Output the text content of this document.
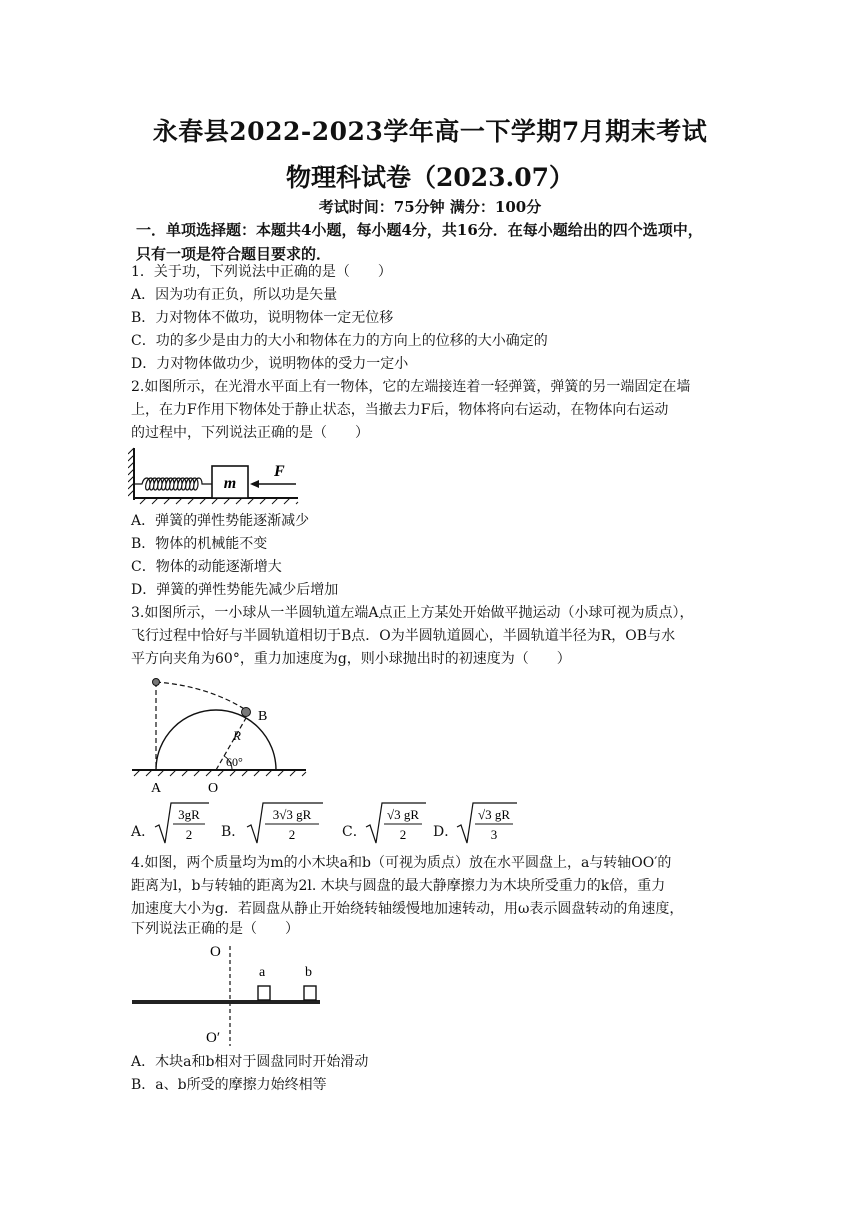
永春县2022-2023学年高一下学期7月期末考试
物理科试卷（2023.07）
考试时间：75分钟 满分：100分
一．单项选择题：本题共4小题，每小题4分，共16分．在每小题给出的四个选项中，
只有一项是符合题目要求的．
1．关于功，下列说法中正确的是（　　）
A．因为功有正负，所以功是矢量
B．力对物体不做功，说明物体一定无位移
C．功的多少是由力的大小和物体在力的方向上的位移的大小确定的
D．力对物体做功少，说明物体的受力一定小
2.如图所示，在光滑水平面上有一物体，它的左端接连着一轻弹簧，弹簧的另一端固定在墙
上，在力F作用下物体处于静止状态，当撤去力F后，物体将向右运动，在物体向右运动
的过程中，下列说法正确的是（　　）
m
F
A．弹簧的弹性势能逐渐减少
B．物体的机械能不变
C．物体的动能逐渐增大
D．弹簧的弹性势能先减少后增加
3.如图所示，一小球从一半圆轨道左端A点正上方某处开始做平抛运动（小球可视为质点），
飞行过程中恰好与半圆轨道相切于B点．O为半圆轨道圆心，半圆轨道半径为R，OB与水
平方向夹角为60°，重力加速度为g，则小球抛出时的初速度为（　　）
60°
R
B
A	O
A．
3gR
2 B．
3√3 gR
2	C．
√3 gR
2 D．
√3 gR
3
4.如图，两个质量均为m的小木块a和b（可视为质点）放在水平圆盘上，a与转轴OO′的
距离为l，b与转轴的距离为2l. 木块与圆盘的最大静摩擦力为木块所受重力的k倍，重力
加速度大小为g．若圆盘从静止开始绕转轴缓慢地加速转动，用ω表示圆盘转动的角速度，
下列说法正确的是（　　）
O
O′
a	b
A．木块a和b相对于圆盘同时开始滑动
B．a、b所受的摩擦力始终相等
